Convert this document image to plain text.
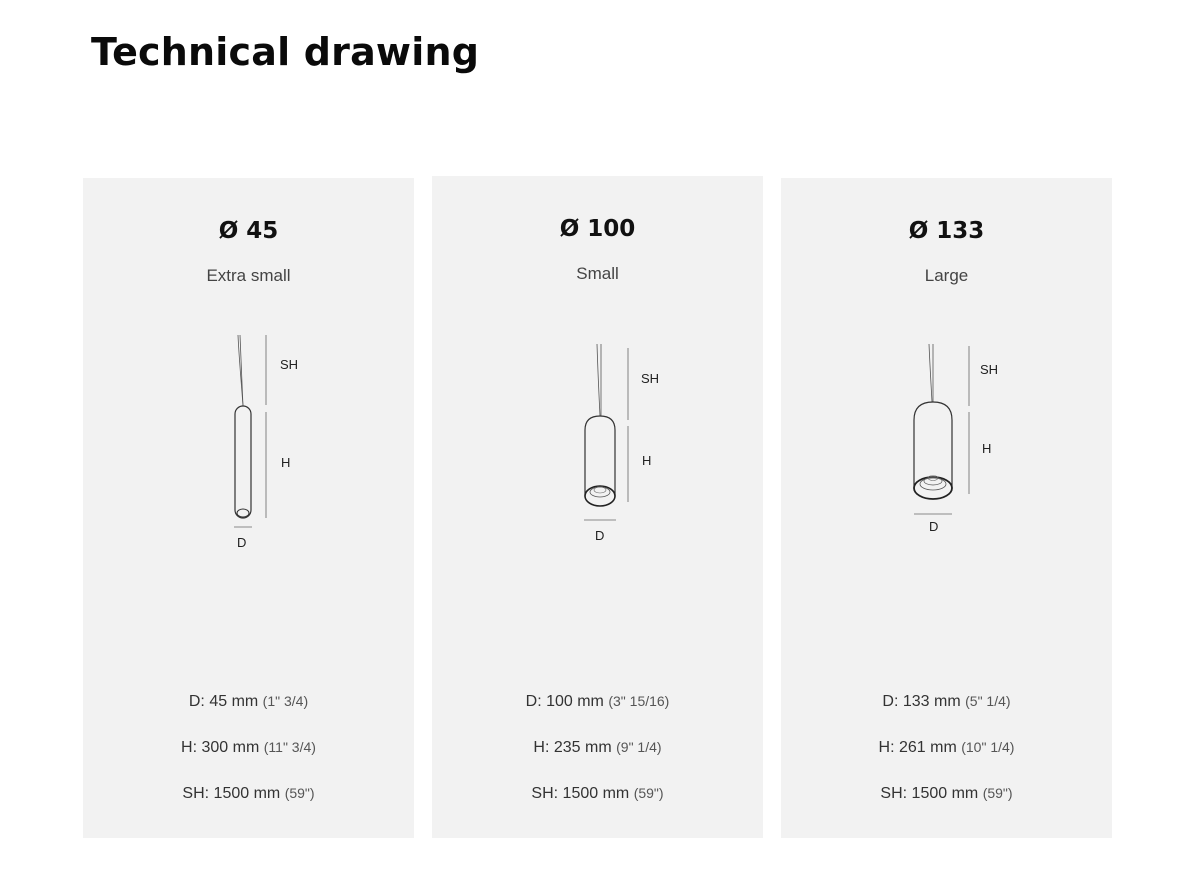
Technical drawing
Ø 45
Extra small
SH
H
D
D: 45 mm (1" 3/4)
H: 300 mm (11" 3/4)
SH: 1500 mm (59")
Ø 100
Small
SH
H
D
D: 100 mm (3" 15/16)
H: 235 mm (9" 1/4)
SH: 1500 mm (59")
Ø 133
Large
SH
H
D
D: 133 mm (5" 1/4)
H: 261 mm (10" 1/4)
SH: 1500 mm (59")
